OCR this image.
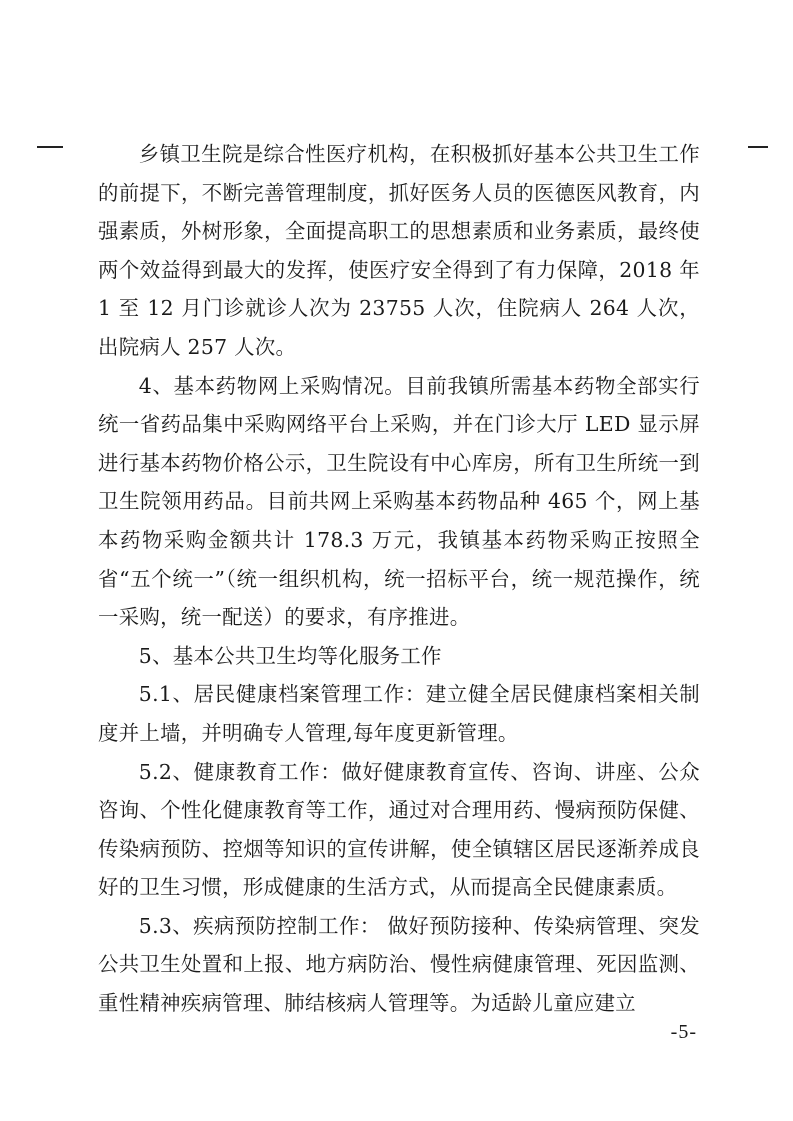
乡镇卫生院是综合性医疗机构，在积极抓好基本公共卫生工作的前提下，不断完善管理制度，抓好医务人员的医德医风教育，内强素质，外树形象，全面提高职工的思想素质和业务素质，最终使两个效益得到最大的发挥，使医疗安全得到了有力保障，2018 年 1 至 12 月门诊就诊人次为 23755 人次，住院病人 264 人次，出院病人 257 人次。

4、基本药物网上采购情况。目前我镇所需基本药物全部实行统一省药品集中采购网络平台上采购，并在门诊大厅 LED 显示屏进行基本药物价格公示，卫生院设有中心库房，所有卫生所统一到卫生院领用药品。目前共网上采购基本药物品种 465 个，网上基本药物采购金额共计 178.3 万元，我镇基本药物采购正按照全省“五个统一”（统一组织机构，统一招标平台，统一规范操作，统一采购，统一配送）的要求，有序推进。

5、基本公共卫生均等化服务工作

5.1、居民健康档案管理工作：建立健全居民健康档案相关制度并上墙，并明确专人管理,每年度更新管理。

5.2、健康教育工作：做好健康教育宣传、咨询、讲座、公众咨询、个性化健康教育等工作，通过对合理用药、慢病预防保健、传染病预防、控烟等知识的宣传讲解，使全镇辖区居民逐渐养成良好的卫生习惯，形成健康的生活方式，从而提高全民健康素质。

5.3、疾病预防控制工作： 做好预防接种、传染病管理、突发公共卫生处置和上报、地方病防治、慢性病健康管理、死因监测、重性精神疾病管理、肺结核病人管理等。为适龄儿童应建立

-5-
